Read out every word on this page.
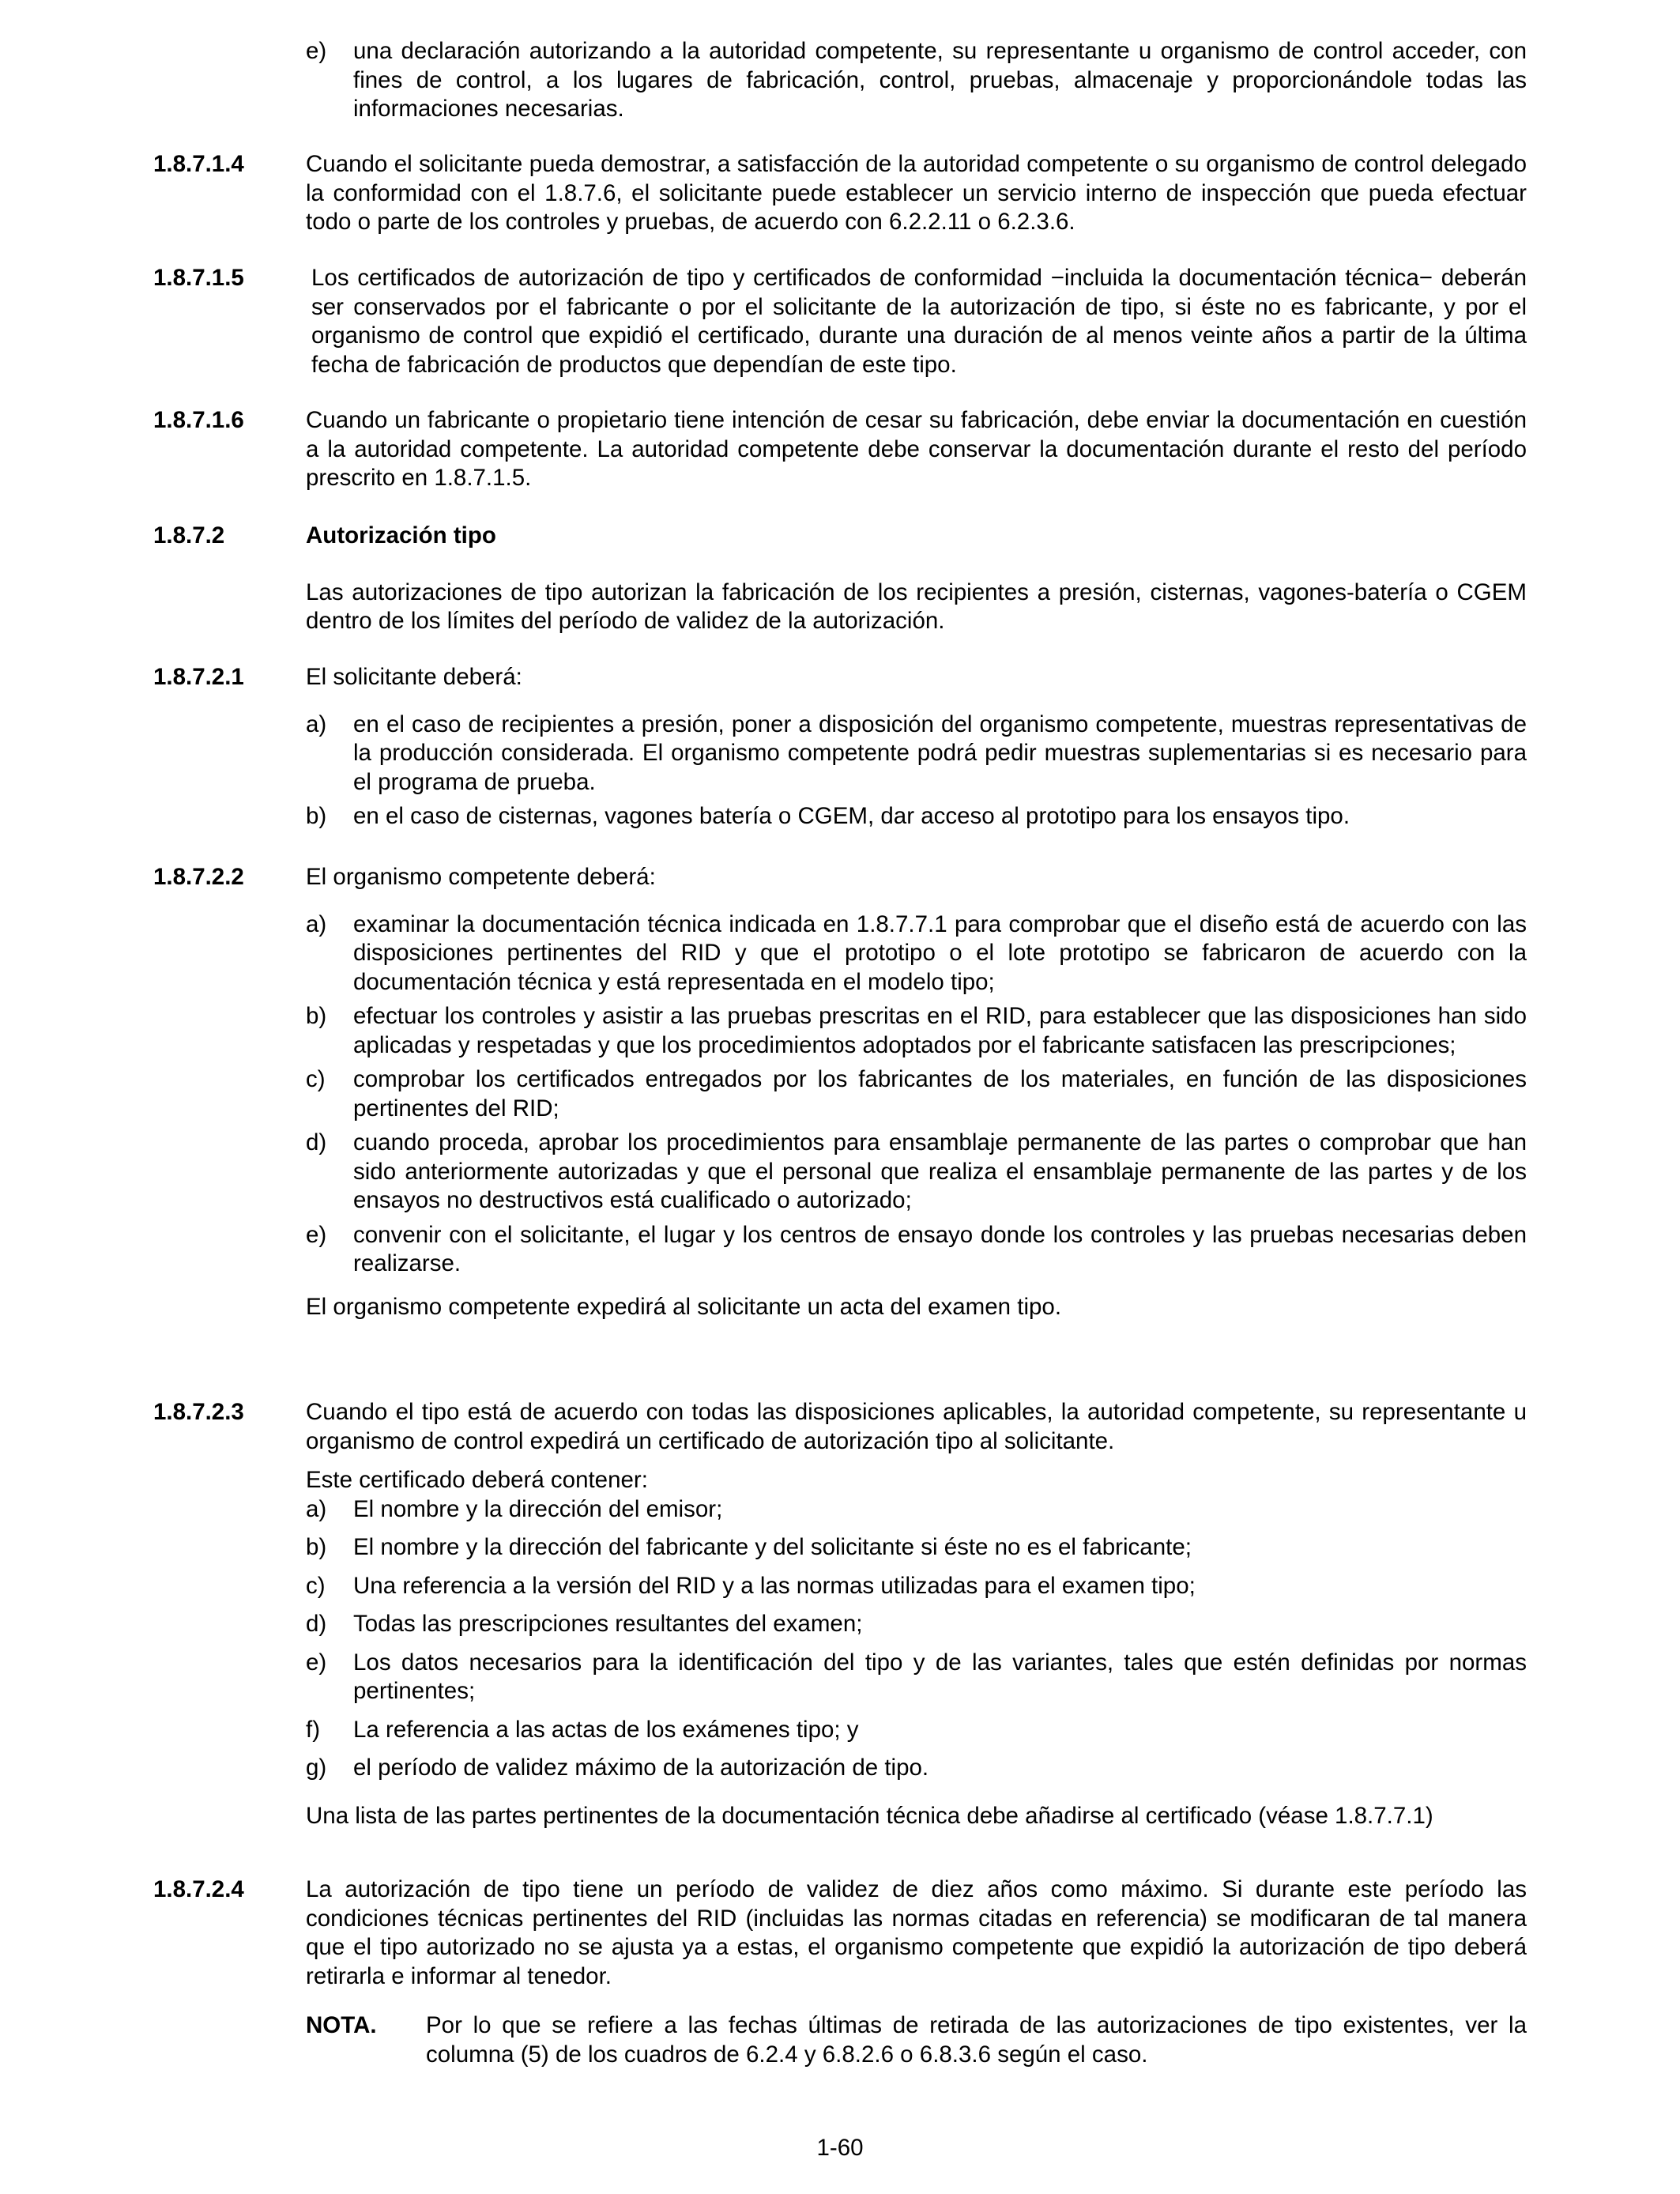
e)	una declaración autorizando a la autoridad competente, su representante u organismo de control acceder, con fines de control, a los lugares de fabricación, control, pruebas, almacenaje y proporcionándole todas las informaciones necesarias.
1.8.7.1.4	Cuando el solicitante pueda demostrar, a satisfacción de la autoridad competente o su organismo de control delegado la conformidad con el 1.8.7.6, el solicitante puede establecer un servicio interno de inspección que pueda efectuar todo o parte de los controles y pruebas, de acuerdo con 6.2.2.11 o 6.2.3.6.

1.8.7.1.5	Los certificados de autorización de tipo y certificados de conformidad −incluida la documentación técnica− deberán ser conservados por el fabricante o por el solicitante de la autorización de tipo, si éste no es fabricante, y por el organismo de control que expidió el certificado, durante una duración de al menos veinte años a partir de la última fecha de fabricación de productos que dependían de este tipo.

1.8.7.1.6	Cuando un fabricante o propietario tiene intención de cesar su fabricación, debe enviar la documentación en cuestión a la autoridad competente. La autoridad competente debe conservar la documentación durante el resto del período prescrito en 1.8.7.1.5.

1.8.7.2	Autorización tipo

Las autorizaciones de tipo autorizan la fabricación de los recipientes a presión, cisternas, vagones-batería o CGEM dentro de los límites del período de validez de la autorización.

1.8.7.2.1	El solicitante deberá:

a)	en el caso de recipientes a presión, poner a disposición del organismo competente, muestras representativas de la producción considerada. El organismo competente podrá pedir muestras suplementarias si es necesario para el programa de prueba.
b)	en el caso de cisternas, vagones batería o CGEM, dar acceso al prototipo para los ensayos tipo.
1.8.7.2.2	El organismo competente deberá:

a)	examinar la documentación técnica indicada en 1.8.7.7.1 para comprobar que el diseño está de acuerdo con las disposiciones pertinentes del RID y que el prototipo o el lote prototipo se fabricaron de acuerdo con la documentación técnica y está representada en el modelo tipo;
b)	efectuar los controles y asistir a las pruebas prescritas en el RID, para establecer que las disposiciones han sido aplicadas y respetadas y que los procedimientos adoptados por el fabricante satisfacen las prescripciones;
c)	comprobar los certificados entregados por los fabricantes de los materiales, en función de las disposiciones pertinentes del RID;
d)	cuando proceda, aprobar los procedimientos para ensamblaje permanente de las partes o comprobar que han sido anteriormente autorizadas y que el personal que realiza el ensamblaje permanente de las partes y de los ensayos no destructivos está cualificado o autorizado;
e)	convenir con el solicitante, el lugar y los centros de ensayo donde los controles y las pruebas necesarias deben realizarse.

El organismo competente expedirá al solicitante un acta del examen tipo.

1.8.7.2.3	Cuando el tipo está de acuerdo con todas las disposiciones aplicables, la autoridad competente, su representante u organismo de control expedirá un certificado de autorización tipo al solicitante.

Este certificado deberá contener:

a)	El nombre y la dirección del emisor;
b)	El nombre y la dirección del fabricante y del solicitante si éste no es el fabricante;
c)	Una referencia a la versión del RID y a las normas utilizadas para el examen tipo;
d)	Todas las prescripciones resultantes del examen;
e)	Los datos necesarios para la identificación del tipo y de las variantes, tales que estén definidas por normas pertinentes;
f)	La referencia a las actas de los exámenes tipo; y
g)	el período de validez máximo de la autorización de tipo.

Una lista de las partes pertinentes de la documentación técnica debe añadirse al certificado (véase 1.8.7.7.1)

1.8.7.2.4	La autorización de tipo tiene un período de validez de diez años como máximo. Si durante este período las condiciones técnicas pertinentes del RID (incluidas las normas citadas en referencia) se modificaran de tal manera que el tipo autorizado no se ajusta ya a estas, el organismo competente que expidió la autorización de tipo deberá retirarla e informar al tenedor.

NOTA.	Por lo que se refiere a las fechas últimas de retirada de las autorizaciones de tipo existentes, ver la columna (5) de los cuadros de 6.2.4 y 6.8.2.6 o 6.8.3.6 según el caso.
1-60
